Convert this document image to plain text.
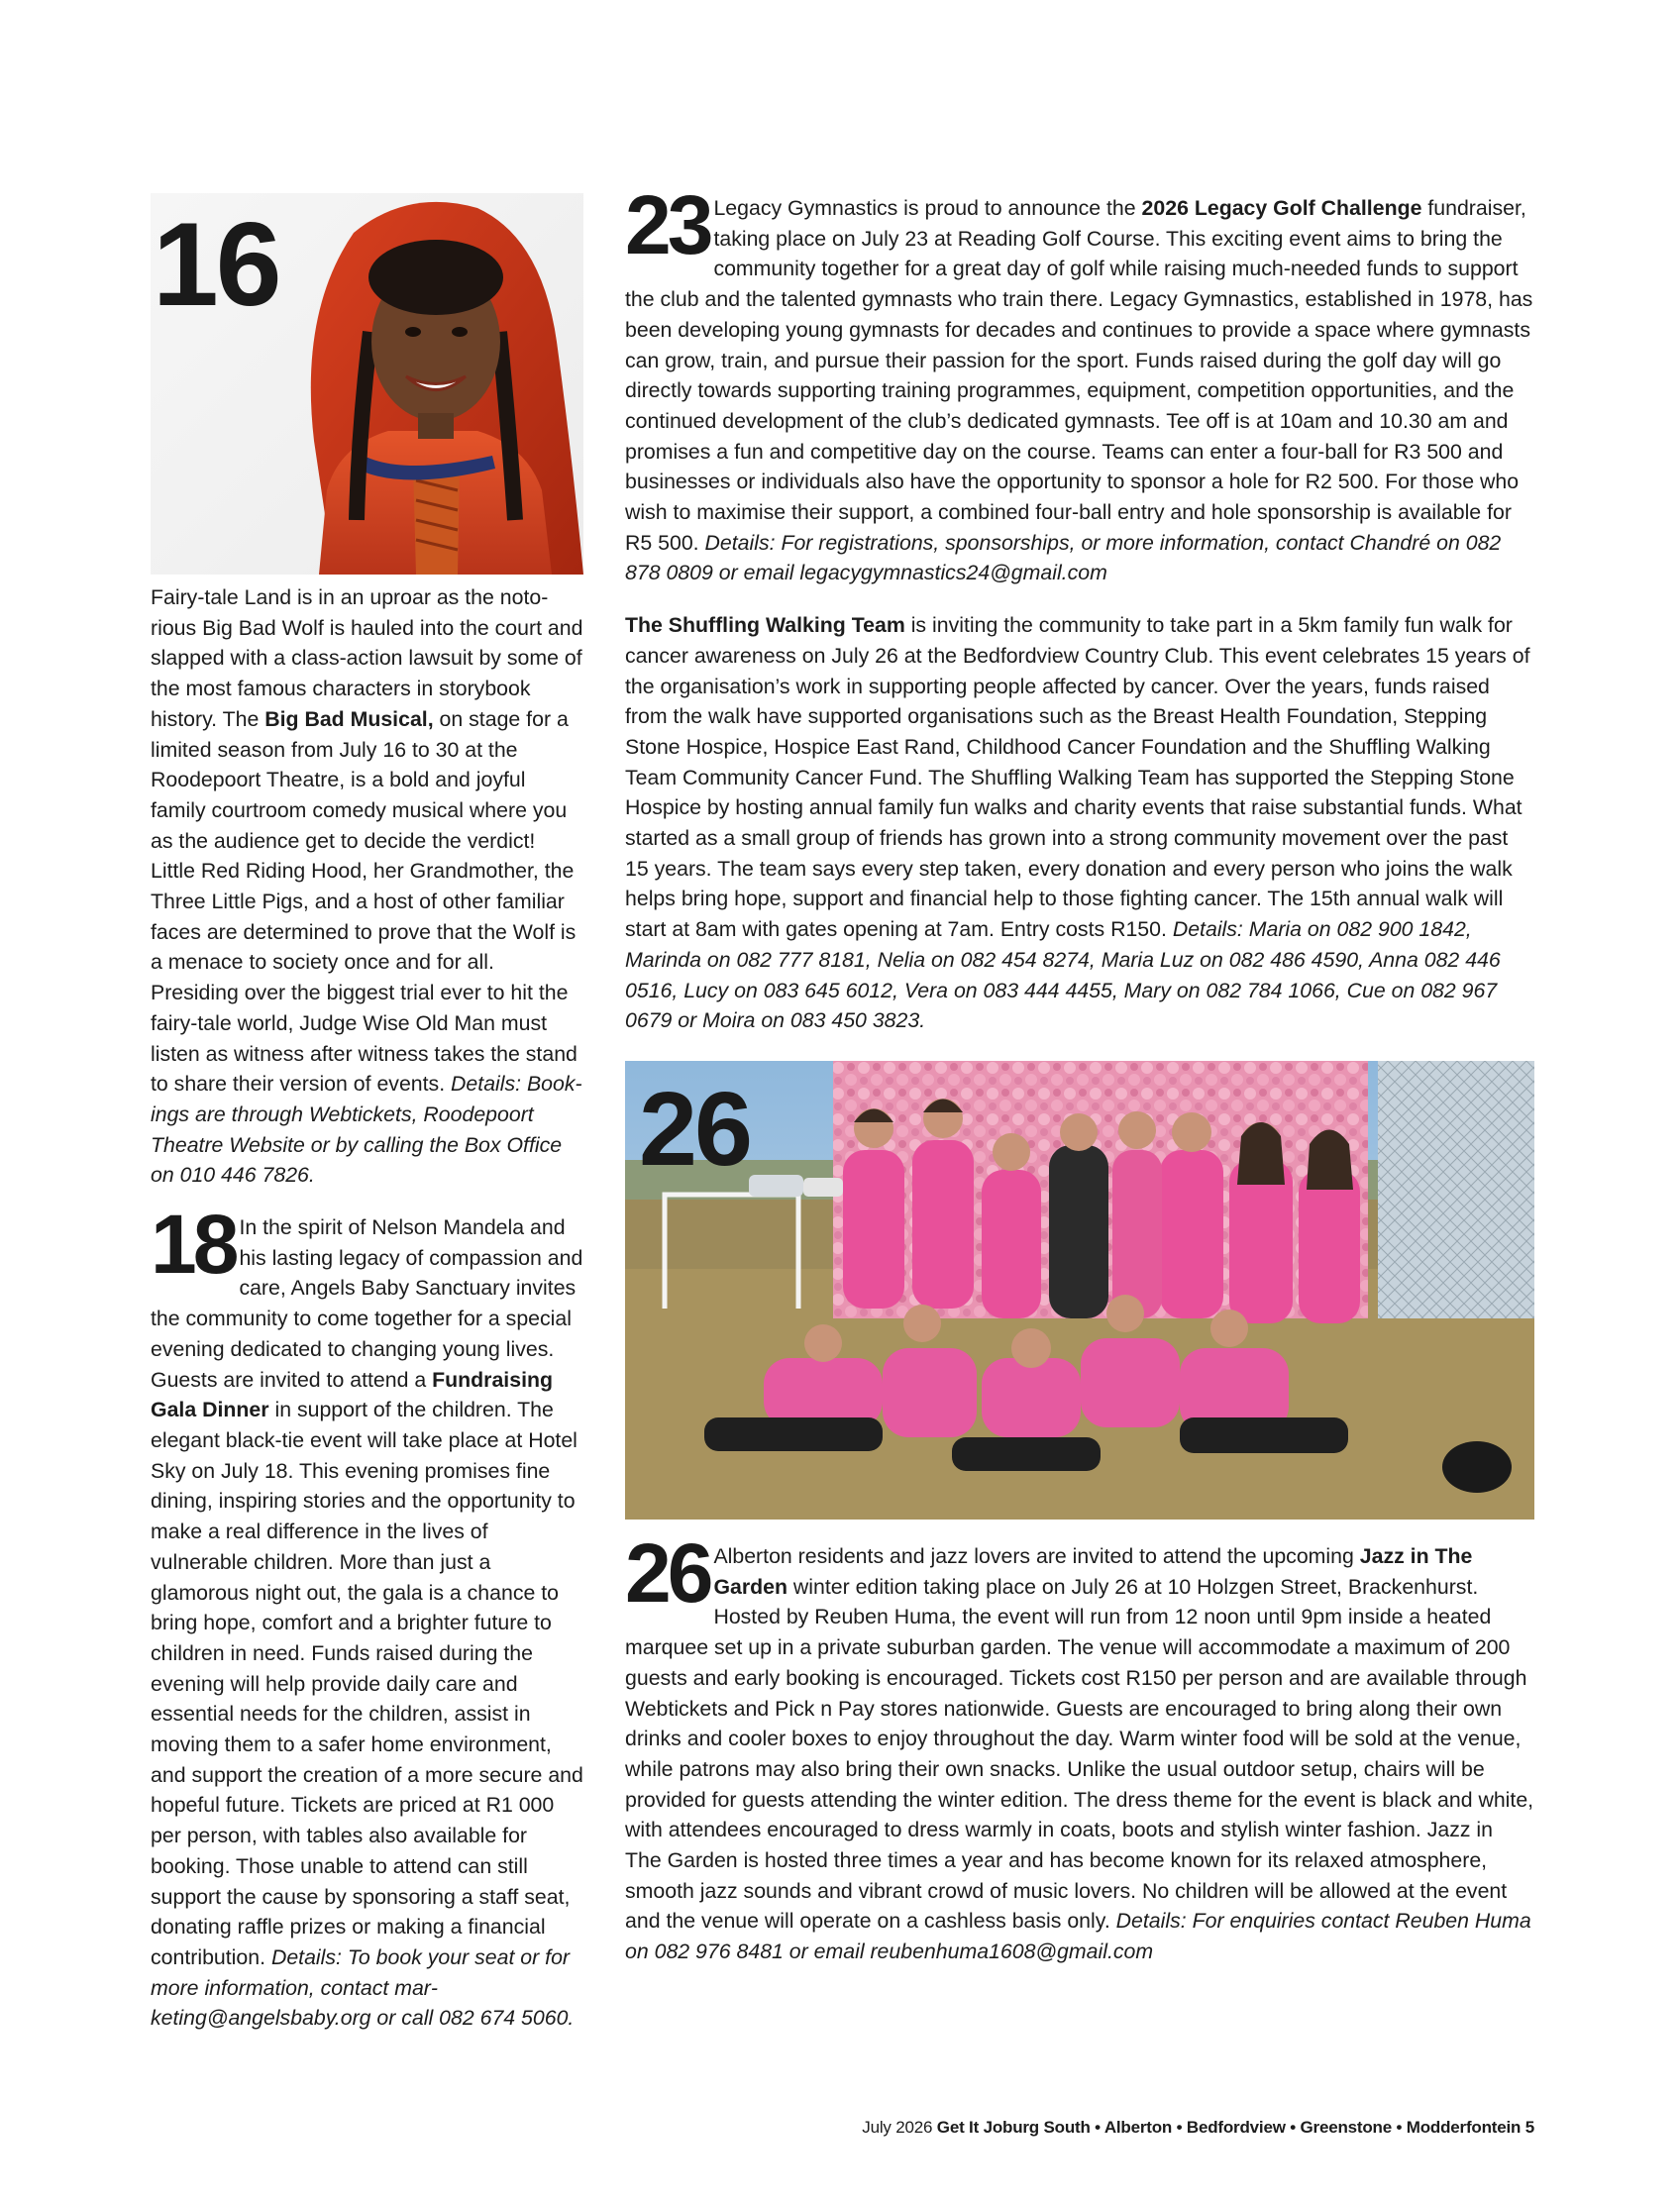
16

Fairy-tale Land is in an uproar as the notorious Big Bad Wolf is hauled into the court and slapped with a class-action lawsuit by some of the most famous characters in storybook history. The Big Bad Musical, on stage for a limited season from July 16 to 30 at the Roodepoort Theatre, is a bold and joyful family courtroom comedy musical where you as the audience get to decide the verdict! Little Red Riding Hood, her Grandmother, the Three Little Pigs, and a host of other familiar faces are determined to prove that the Wolf is a menace to society once and for all. Presiding over the biggest trial ever to hit the fairy-tale world, Judge Wise Old Man must listen as witness after witness takes the stand to share their version of events. Details: Bookings are through Webtickets, Roodepoort Theatre Website or by calling the Box Office on 010 446 7826.

18 In the spirit of Nelson Mandela and his lasting legacy of compassion and care, Angels Baby Sanctuary invites the community to come together for a special evening dedicated to changing young lives. Guests are invited to attend a Fundraising Gala Dinner in support of the children. The elegant black-tie event will take place at Hotel Sky on July 18. This evening promises fine dining, inspiring stories and the opportunity to make a real difference in the lives of vulnerable children. More than just a glamorous night out, the gala is a chance to bring hope, comfort and a brighter future to children in need. Funds raised during the evening will help provide daily care and essential needs for the children, assist in moving them to a safer home environment, and support the creation of a more secure and hopeful future. Tickets are priced at R1 000 per person, with tables also available for booking. Those unable to attend can still support the cause by sponsoring a staff seat, donating raffle prizes or making a financial contribution. Details: To book your seat or for more information, contact marketing@angelsbaby.org or call 082 674 5060.

23 Legacy Gymnastics is proud to announce the 2026 Legacy Golf Challenge fundraiser, taking place on July 23 at Reading Golf Course. This exciting event aims to bring the community together for a great day of golf while raising much-needed funds to support the club and the talented gymnasts who train there. Legacy Gymnastics, established in 1978, has been developing young gymnasts for decades and continues to provide a space where gymnasts can grow, train, and pursue their passion for the sport. Funds raised during the golf day will go directly towards supporting training programmes, equipment, competition opportunities, and the continued development of the club’s dedicated gymnasts. Tee off is at 10am and 10.30 am and promises a fun and competitive day on the course. Teams can enter a four-ball for R3 500 and businesses or individuals also have the opportunity to sponsor a hole for R2 500. For those who wish to maximise their support, a combined four-ball entry and hole sponsorship is available for R5 500. Details: For registrations, sponsorships, or more information, contact Chandré on 082 878 0809 or email legacygymnastics24@gmail.com

The Shuffling Walking Team is inviting the community to take part in a 5km family fun walk for cancer awareness on July 26 at the Bedfordview Country Club. This event celebrates 15 years of the organisation’s work in supporting people affected by cancer. Over the years, funds raised from the walk have supported organisations such as the Breast Health Foundation, Stepping Stone Hospice, Hospice East Rand, Childhood Cancer Foundation and the Shuffling Walking Team Community Cancer Fund. The Shuffling Walking Team has supported the Stepping Stone Hospice by hosting annual family fun walks and charity events that raise substantial funds. What started as a small group of friends has grown into a strong community movement over the past 15 years. The team says every step taken, every donation and every person who joins the walk helps bring hope, support and financial help to those fighting cancer. The 15th annual walk will start at 8am with gates opening at 7am. Entry costs R150. Details: Maria on 082 900 1842, Marinda on 082 777 8181, Nelia on 082 454 8274, Maria Luz on 082 486 4590, Anna 082 446 0516, Lucy on 083 645 6012, Vera on 083 444 4455, Mary on 082 784 1066, Cue on 082 967 0679 or Moira on 083 450 3823.

26

26 Alberton residents and jazz lovers are invited to attend the upcoming Jazz in The Garden winter edition taking place on July 26 at 10 Holzgen Street, Brackenhurst. Hosted by Reuben Huma, the event will run from 12 noon until 9pm inside a heated marquee set up in a private suburban garden. The venue will accommodate a maximum of 200 guests and early booking is encouraged. Tickets cost R150 per person and are available through Webtickets and Pick n Pay stores nationwide. Guests are encouraged to bring along their own drinks and cooler boxes to enjoy throughout the day. Warm winter food will be sold at the venue, while patrons may also bring their own snacks. Unlike the usual outdoor setup, chairs will be provided for guests attending the winter edition. The dress theme for the event is black and white, with attendees encouraged to dress warmly in coats, boots and stylish winter fashion. Jazz in The Garden is hosted three times a year and has become known for its relaxed atmosphere, smooth jazz sounds and vibrant crowd of music lovers. No children will be allowed at the event and the venue will operate on a cashless basis only. Details: For enquiries contact Reuben Huma on 082 976 8481 or email reubenhuma1608@gmail.com

July 2026 Get It Joburg South • Alberton • Bedfordview • Greenstone • Modderfontein 5
